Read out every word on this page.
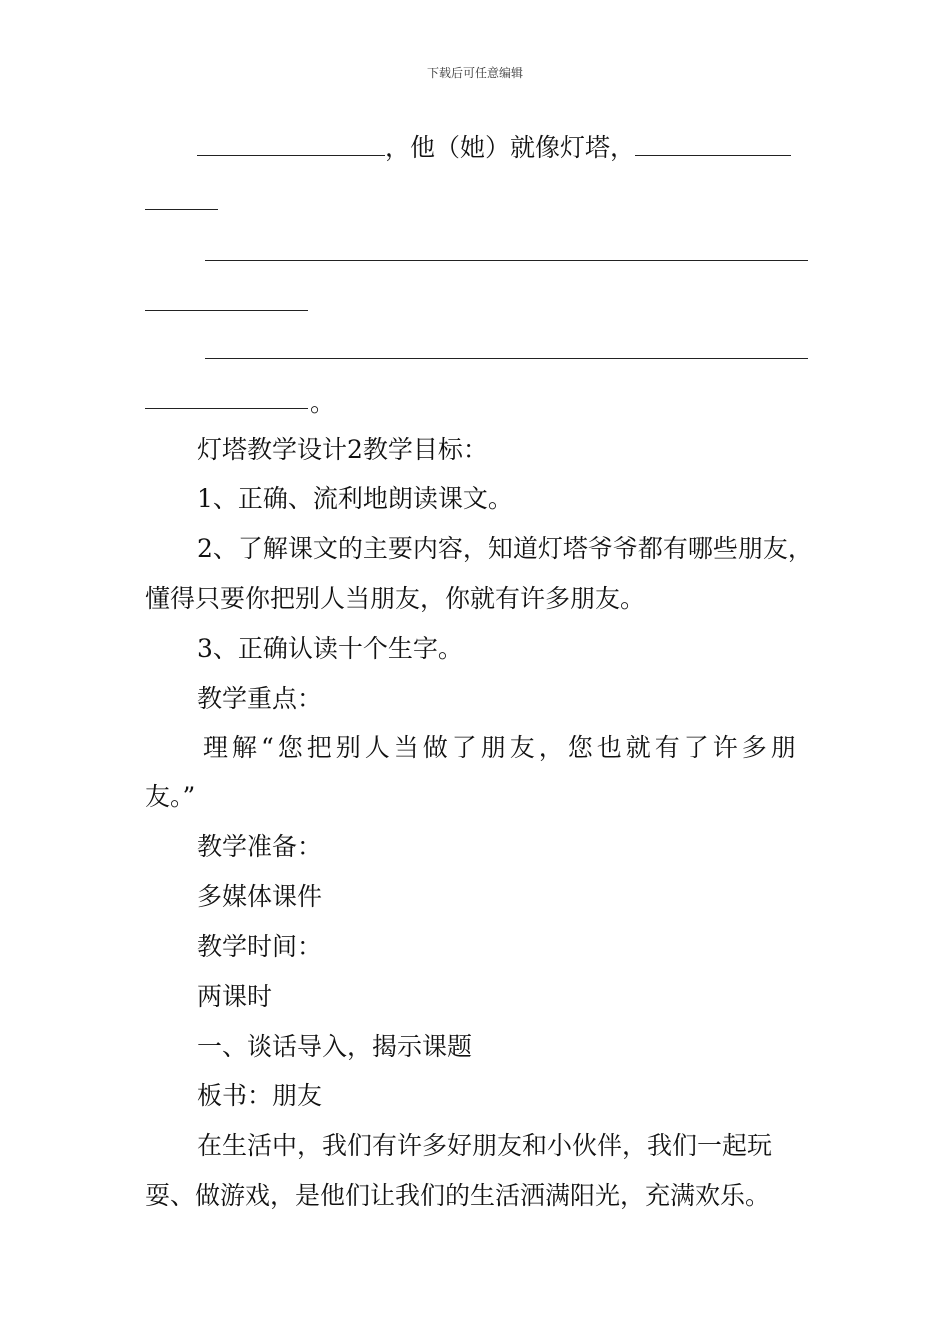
下载后可任意编辑
，他（她）就像灯塔，
。
灯塔教学设计2教学目标：
1、正确、流利地朗读课文。
2、了解课文的主要内容，知道灯塔爷爷都有哪些朋友，
懂得只要你把别人当朋友，你就有许多朋友。
3、正确认读十个生字。
教学重点：
理解“您把别人当做了朋友，您也就有了许多朋
友。”
教学准备：
多媒体课件
教学时间：
两课时
一、谈话导入，揭示课题
板书：朋友
在生活中，我们有许多好朋友和小伙伴，我们一起玩
耍、做游戏，是他们让我们的生活洒满阳光，充满欢乐。
